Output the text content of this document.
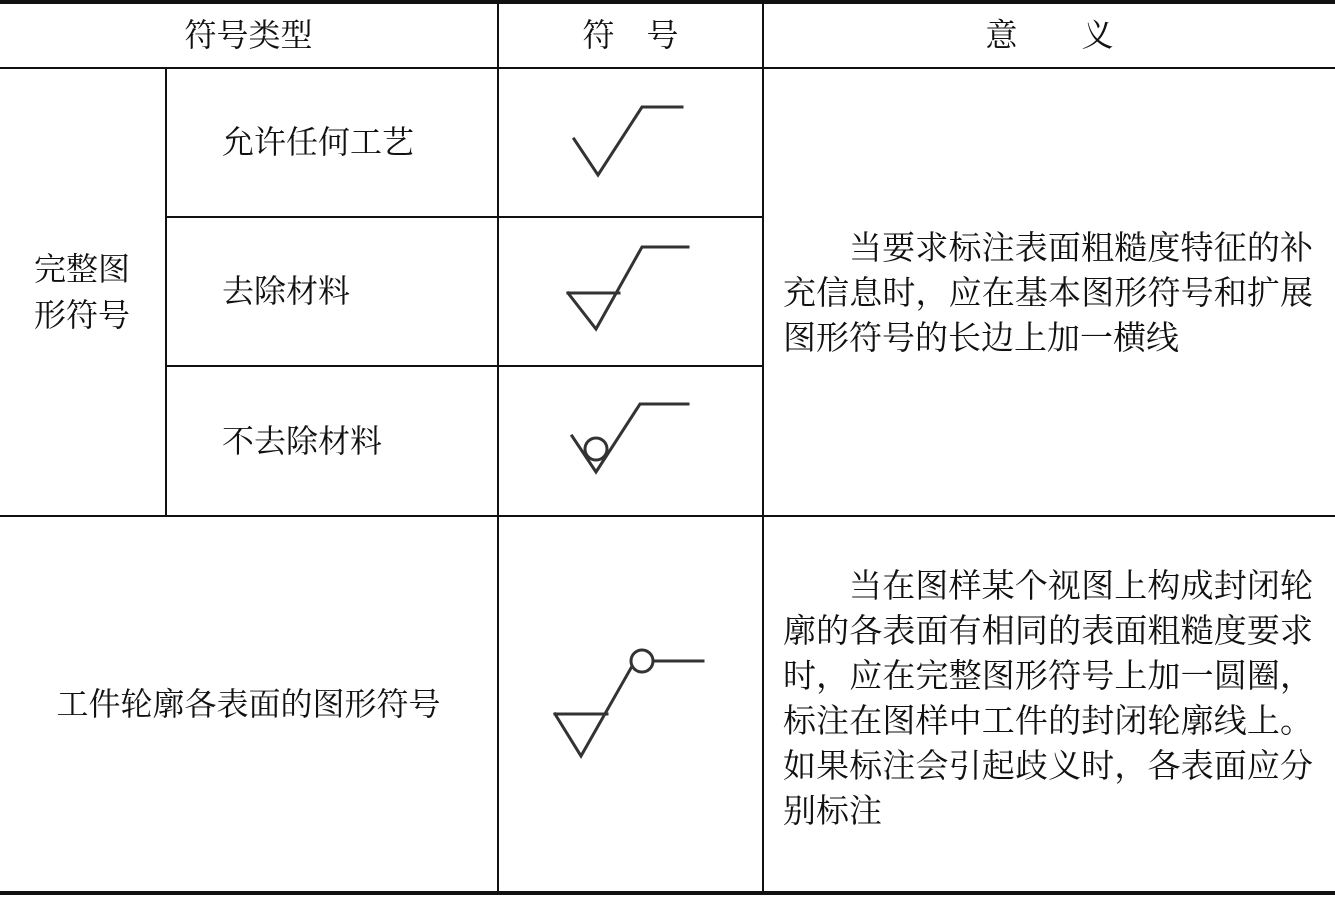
符号类型	符　号	意　　义
完整图形符号
允许任何工艺
去除材料
不去除材料
当要求标注表面粗糙度特征的补充信息时，应在基本图形符号和扩展图形符号的长边上加一横线
工件轮廓各表面的图形符号
当在图样某个视图上构成封闭轮廓的各表面有相同的表面粗糙度要求时，应在完整图形符号上加一圆圈，标注在图样中工件的封闭轮廓线上。如果标注会引起歧义时，各表面应分别标注
